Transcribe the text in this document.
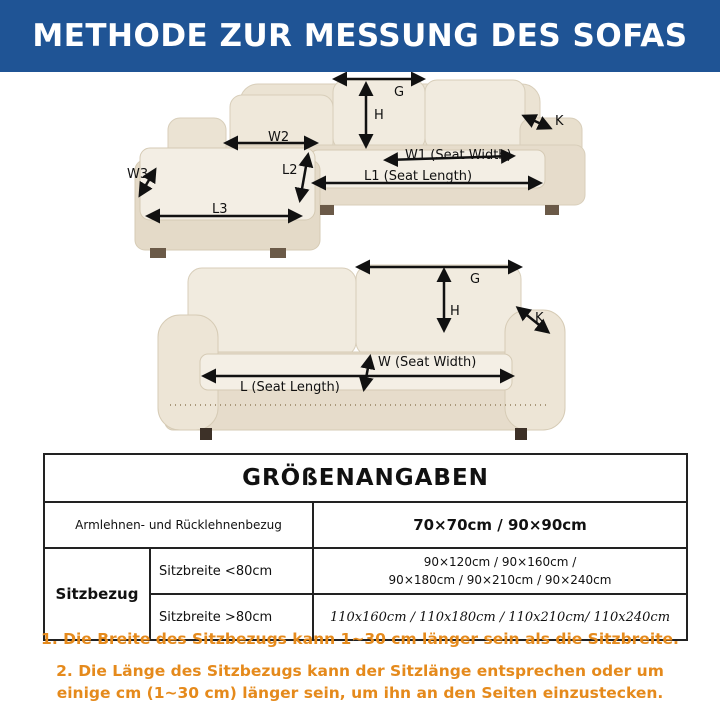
METHODE ZUR MESSUNG DES SOFAS
G
H	K
W2
W1 (Seat Width)
W3	L2	L1 (Seat Length)
L3
G
H	K
W (Seat Width)
L (Seat Length)
GRÖßENANGABEN		
Armlehnen- und Rücklehnenbezug		70×70cm / 90×90cm
Sitzbezug	Sitzbreite <80cm	90×120cm / 90×160cm /
90×180cm / 90×210cm / 90×240cm

	Sitzbreite >80cm	110x160cm / 110x180cm / 110x210cm/ 110x240cm
1. Die Breite des Sitzbezugs kann 1~30 cm länger sein als die Sitzbreite.
2. Die Länge des Sitzbezugs kann der Sitzlänge entsprechen oder um
einige cm (1~30 cm) länger sein, um ihn an den Seiten einzustecken.
